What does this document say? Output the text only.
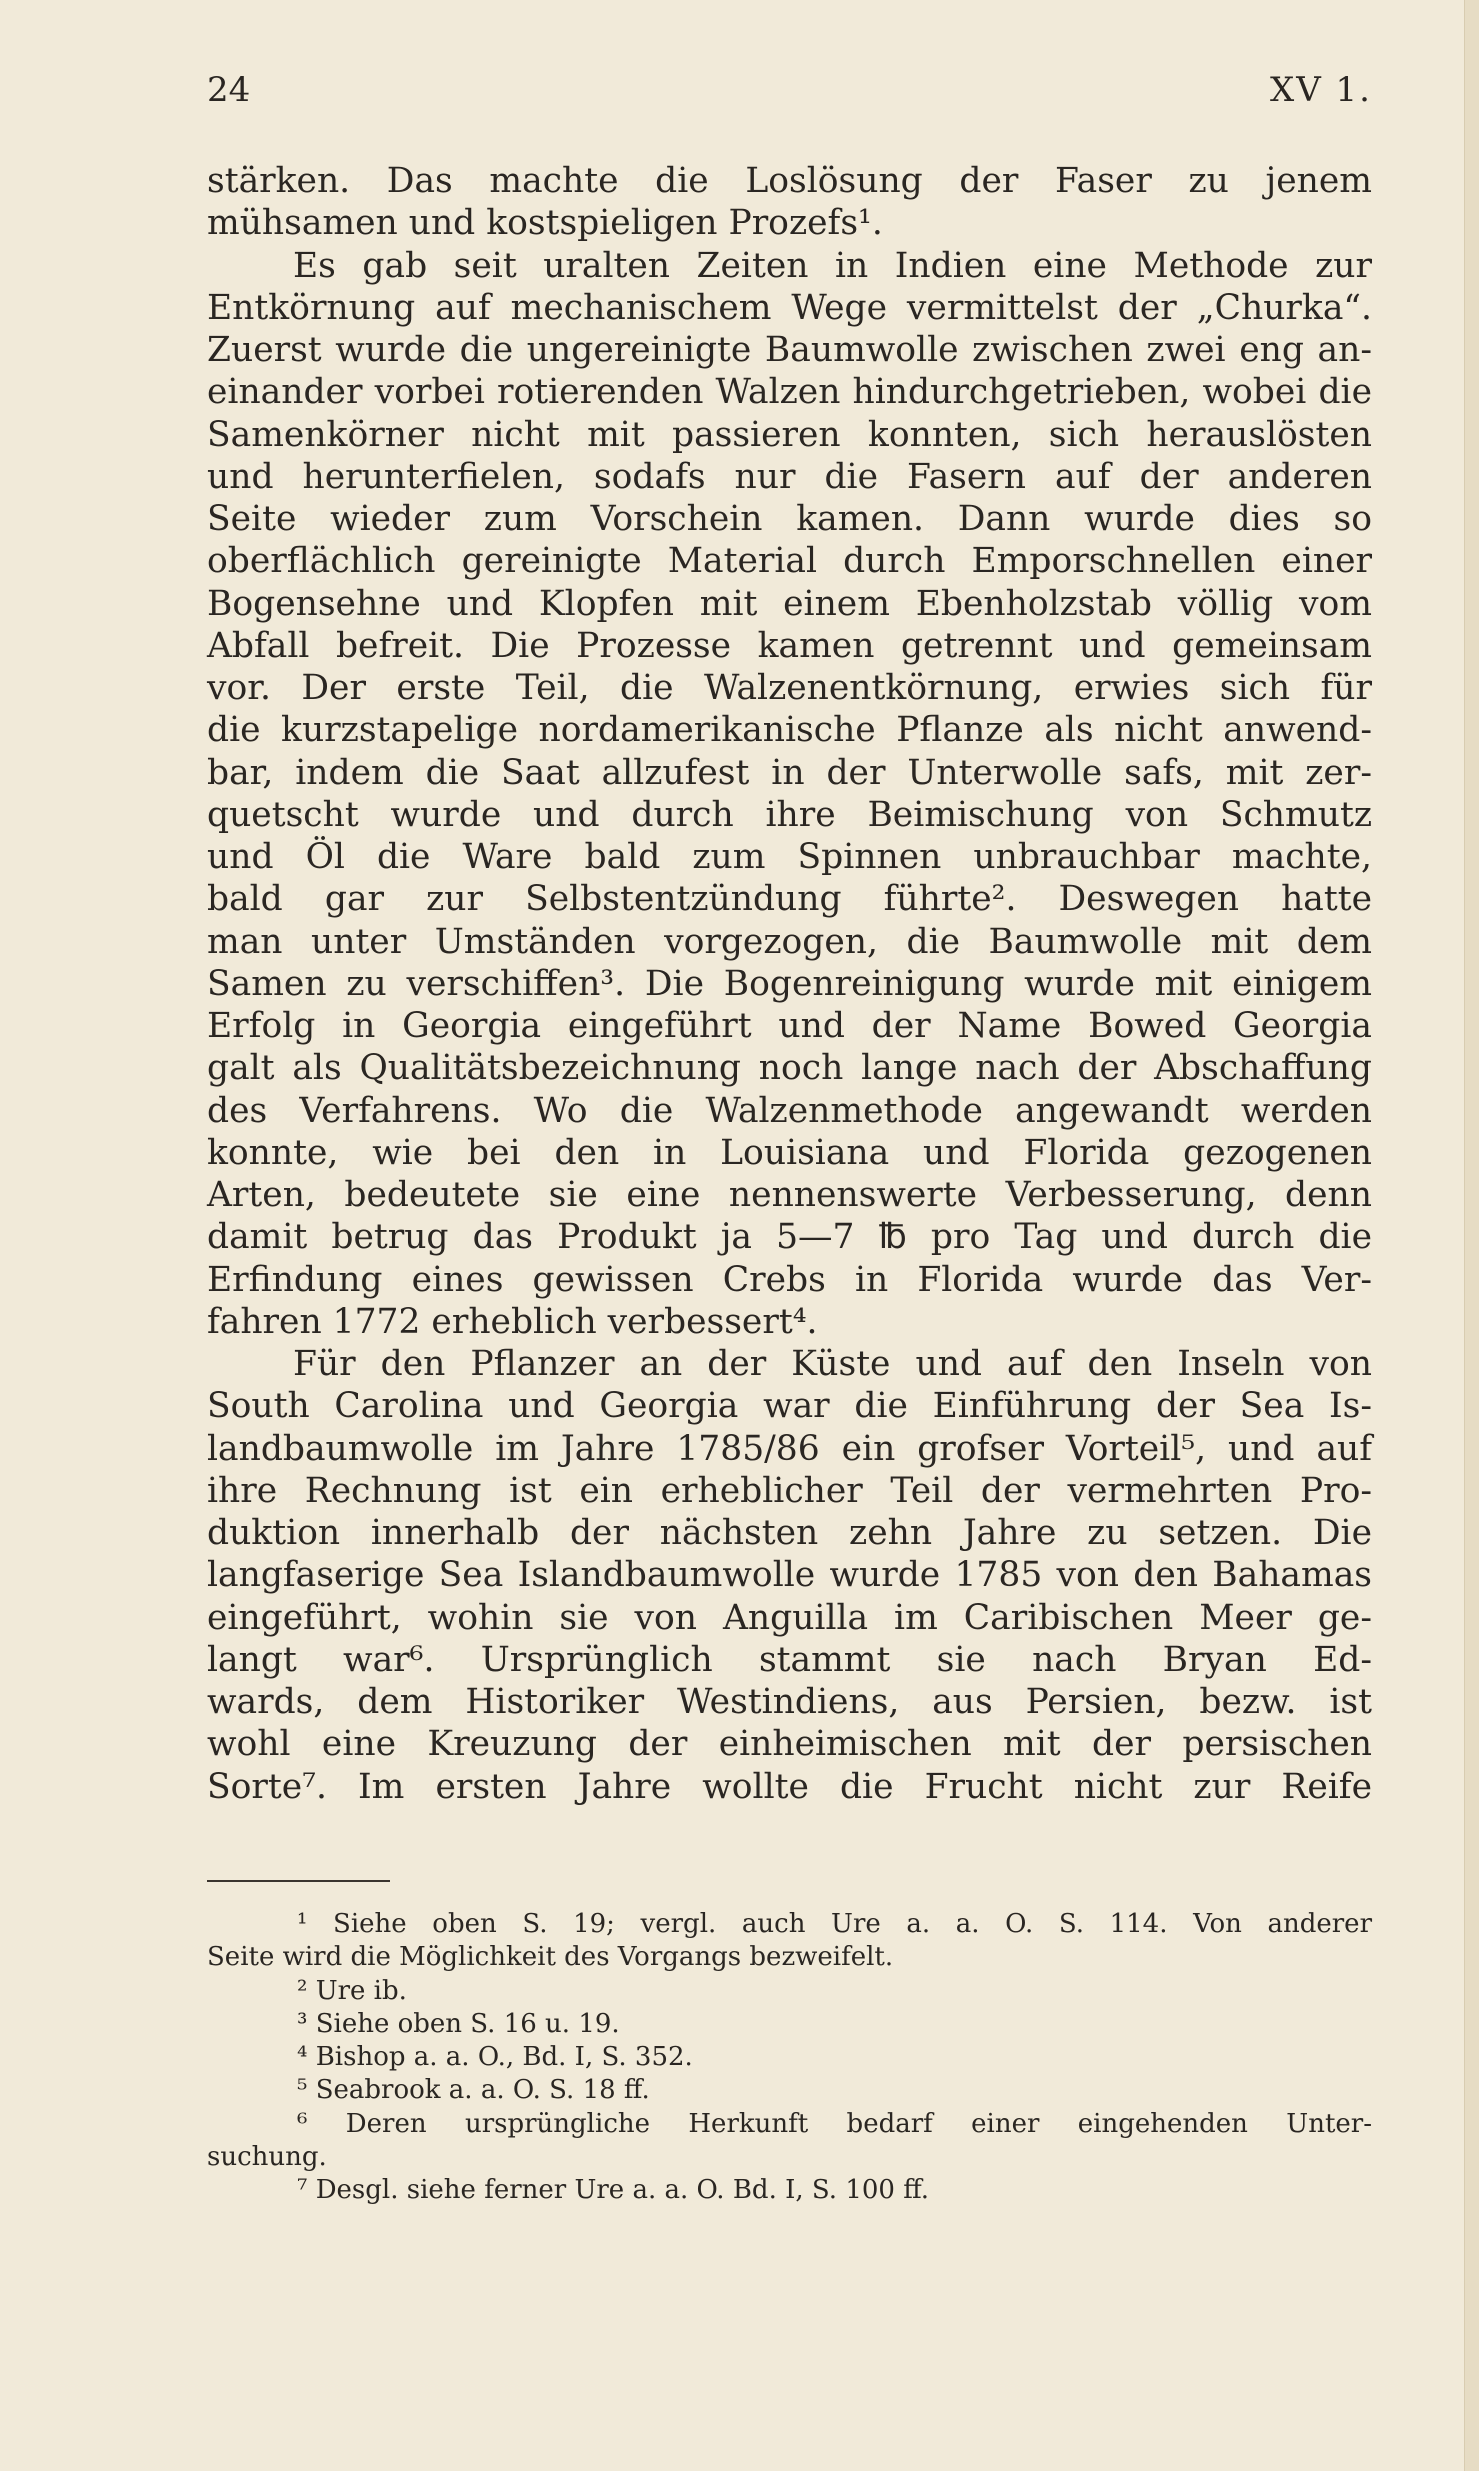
24	XV 1.

stärken. Das machte die Loslösung der Faser zu jenem

mühsamen und kostspieligen Prozefs¹.

Es gab seit uralten Zeiten in Indien eine Methode zur

Entkörnung auf mechanischem Wege vermittelst der „Churka“.

Zuerst wurde die ungereinigte Baumwolle zwischen zwei eng an-

einander vorbei rotierenden Walzen hindurchgetrieben, wobei die

Samenkörner nicht mit passieren konnten, sich herauslösten

und herunterfielen, sodafs nur die Fasern auf der anderen

Seite wieder zum Vorschein kamen. Dann wurde dies so

oberflächlich gereinigte Material durch Emporschnellen einer

Bogensehne und Klopfen mit einem Ebenholzstab völlig vom

Abfall befreit. Die Prozesse kamen getrennt und gemeinsam

vor. Der erste Teil, die Walzenentkörnung, erwies sich für

die kurzstapelige nordamerikanische Pflanze als nicht anwend-

bar, indem die Saat allzufest in der Unterwolle safs, mit zer-

quetscht wurde und durch ihre Beimischung von Schmutz

und Öl die Ware bald zum Spinnen unbrauchbar machte,

bald gar zur Selbstentzündung führte². Deswegen hatte

man unter Umständen vorgezogen, die Baumwolle mit dem

Samen zu verschiffen³. Die Bogenreinigung wurde mit einigem

Erfolg in Georgia eingeführt und der Name Bowed Georgia

galt als Qualitätsbezeichnung noch lange nach der Abschaffung

des Verfahrens. Wo die Walzenmethode angewandt werden

konnte, wie bei den in Louisiana und Florida gezogenen

Arten, bedeutete sie eine nennenswerte Verbesserung, denn

damit betrug das Produkt ja 5—7 ℔ pro Tag und durch die

Erfindung eines gewissen Crebs in Florida wurde das Ver-

fahren 1772 erheblich verbessert⁴.

Für den Pflanzer an der Küste und auf den Inseln von

South Carolina und Georgia war die Einführung der Sea Is-

landbaumwolle im Jahre 1785/86 ein grofser Vorteil⁵, und auf

ihre Rechnung ist ein erheblicher Teil der vermehrten Pro-

duktion innerhalb der nächsten zehn Jahre zu setzen. Die

langfaserige Sea Islandbaumwolle wurde 1785 von den Bahamas

eingeführt, wohin sie von Anguilla im Caribischen Meer ge-

langt war⁶. Ursprünglich stammt sie nach Bryan Ed-

wards, dem Historiker Westindiens, aus Persien, bezw. ist

wohl eine Kreuzung der einheimischen mit der persischen

Sorte⁷. Im ersten Jahre wollte die Frucht nicht zur Reife

¹ Siehe oben S. 19; vergl. auch Ure a. a. O. S. 114. Von anderer

Seite wird die Möglichkeit des Vorgangs bezweifelt.

² Ure ib.

³ Siehe oben S. 16 u. 19.

⁴ Bishop a. a. O., Bd. I, S. 352.

⁵ Seabrook a. a. O. S. 18 ff.

⁶ Deren ursprüngliche Herkunft bedarf einer eingehenden Unter-

suchung.

⁷ Desgl. siehe ferner Ure a. a. O. Bd. I, S. 100 ff.
